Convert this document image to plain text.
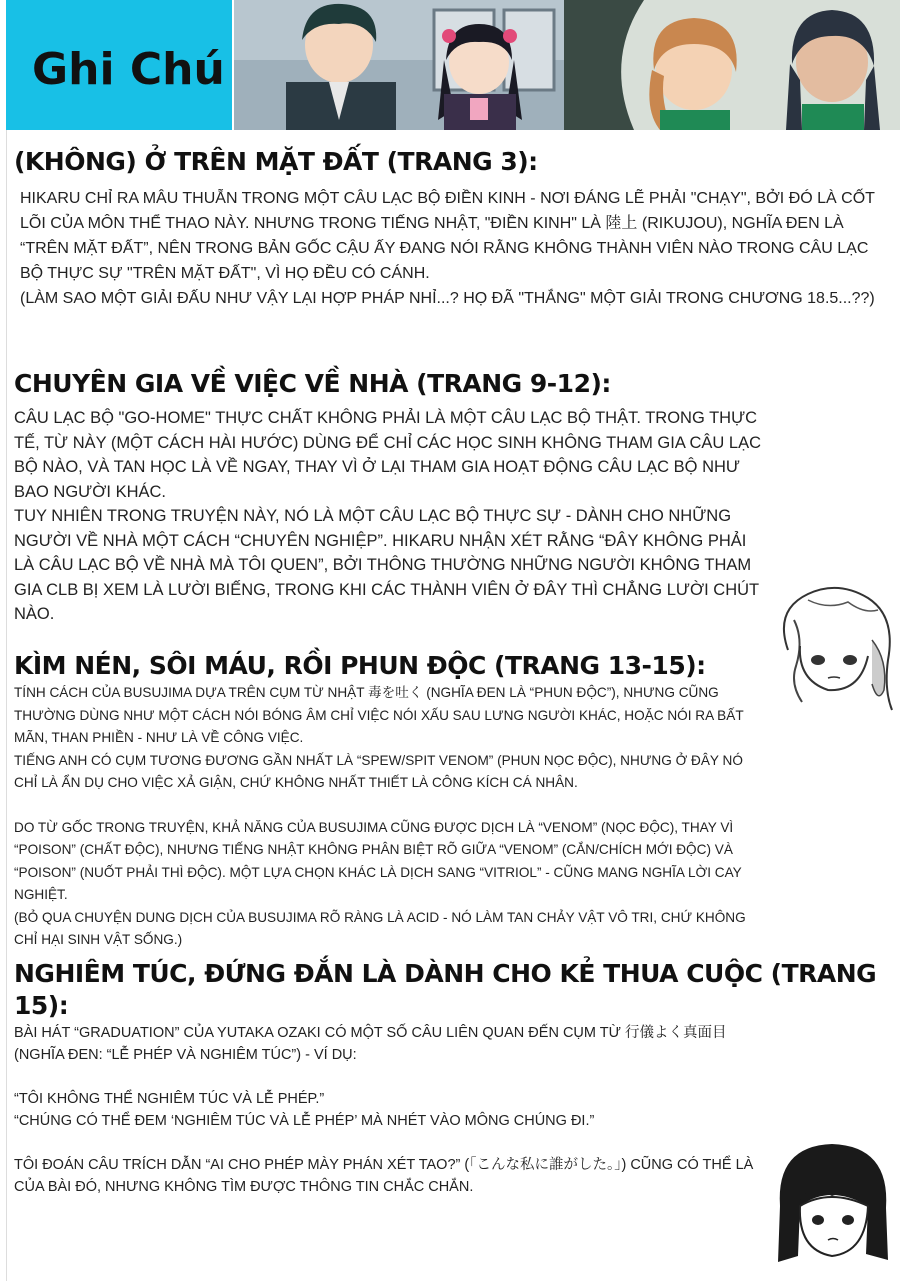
Ghi Chú
(KHÔNG) Ở TRÊN MẶT ĐẤT (TRANG 3):

HIKARU CHỈ RA MÂU THUẪN TRONG MỘT CÂU LẠC BỘ ĐIỀN KINH - NƠI ĐÁNG LẼ PHẢI "CHẠY", BỞI ĐÓ LÀ CỐT LÕI CỦA MÔN THỂ THAO NÀY. NHƯNG TRONG TIẾNG NHẬT, "ĐIỀN KINH" LÀ 陸上 (RIKUJOU), NGHĨA ĐEN LÀ “TRÊN MẶT ĐẤT”, NÊN TRONG BẢN GỐC CẬU ẤY ĐANG NÓI RẰNG KHÔNG THÀNH VIÊN NÀO TRONG CÂU LẠC BỘ THỰC SỰ "TRÊN MẶT ĐẤT", VÌ HỌ ĐỀU CÓ CÁNH.

(LÀM SAO MỘT GIẢI ĐẤU NHƯ VẬY LẠI HỢP PHÁP NHỈ...? HỌ ĐÃ "THẮNG" MỘT GIẢI TRONG CHƯƠNG 18.5...??)

CHUYÊN GIA VỀ VIỆC VỀ NHÀ (TRANG 9-12):

CÂU LẠC BỘ "GO-HOME" THỰC CHẤT KHÔNG PHẢI LÀ MỘT CÂU LẠC BỘ THẬT. TRONG THỰC TẾ, TỪ NÀY (MỘT CÁCH HÀI HƯỚC) DÙNG ĐỂ CHỈ CÁC HỌC SINH KHÔNG THAM GIA CÂU LẠC BỘ NÀO, VÀ TAN HỌC LÀ VỀ NGAY, THAY VÌ Ở LẠI THAM GIA HOẠT ĐỘNG CÂU LẠC BỘ NHƯ BAO NGƯỜI KHÁC.

TUY NHIÊN TRONG TRUYỆN NÀY, NÓ LÀ MỘT CÂU LẠC BỘ THỰC SỰ - DÀNH CHO NHỮNG NGƯỜI VỀ NHÀ MỘT CÁCH “CHUYÊN NGHIỆP”. HIKARU NHẬN XÉT RẰNG “ĐÂY KHÔNG PHẢI LÀ CÂU LẠC BỘ VỀ NHÀ MÀ TÔI QUEN”, BỞI THÔNG THƯỜNG NHỮNG NGƯỜI KHÔNG THAM GIA CLB BỊ XEM LÀ LƯỜI BIẾNG, TRONG KHI CÁC THÀNH VIÊN Ở ĐÂY THÌ CHẲNG LƯỜI CHÚT NÀO.

KÌM NÉN, SÔI MÁU, RỒI PHUN ĐỘC (TRANG 13-15):

TÍNH CÁCH CỦA BUSUJIMA DỰA TRÊN CỤM TỪ NHẬT 毒を吐く (NGHĨA ĐEN LÀ “PHUN ĐỘC”), NHƯNG CŨNG THƯỜNG DÙNG NHƯ MỘT CÁCH NÓI BÓNG ÂM CHỈ VIỆC NÓI XẤU SAU LƯNG NGƯỜI KHÁC, HOẶC NÓI RA BẤT MÃN, THAN PHIỀN - NHƯ LÀ VỀ CÔNG VIỆC.

TIẾNG ANH CÓ CỤM TƯƠNG ĐƯƠNG GẦN NHẤT LÀ “SPEW/SPIT VENOM” (PHUN NỌC ĐỘC), NHƯNG Ở ĐÂY NÓ CHỈ LÀ ẨN DỤ CHO VIỆC XẢ GIẬN, CHỨ KHÔNG NHẤT THIẾT LÀ CÔNG KÍCH CÁ NHÂN.

DO TỪ GỐC TRONG TRUYỆN, KHẢ NĂNG CỦA BUSUJIMA CŨNG ĐƯỢC DỊCH LÀ “VENOM” (NỌC ĐỘC), THAY VÌ “POISON” (CHẤT ĐỘC), NHƯNG TIẾNG NHẬT KHÔNG PHÂN BIỆT RÕ GIỮA “VENOM” (CẮN/CHÍCH MỚI ĐỘC) VÀ “POISON” (NUỐT PHẢI THÌ ĐỘC). MỘT LỰA CHỌN KHÁC LÀ DỊCH SANG “VITRIOL” - CŨNG MANG NGHĨA LỜI CAY NGHIỆT.

(BỎ QUA CHUYỆN DUNG DỊCH CỦA BUSUJIMA RÕ RÀNG LÀ ACID - NÓ LÀM TAN CHẢY VẬT VÔ TRI, CHỨ KHÔNG CHỈ HẠI SINH VẬT SỐNG.)

NGHIÊM TÚC, ĐỨNG ĐẮN LÀ DÀNH CHO KẺ THUA CUỘC (TRANG 15):

BÀI HÁT “GRADUATION” CỦA YUTAKA OZAKI CÓ MỘT SỐ CÂU LIÊN QUAN ĐẾN CỤM TỪ 行儀よく真面目 (NGHĨA ĐEN: “LỄ PHÉP VÀ NGHIÊM TÚC”) - VÍ DỤ:

“TÔI KHÔNG THỂ NGHIÊM TÚC VÀ LỄ PHÉP.”

“CHÚNG CÓ THỂ ĐEM ‘NGHIÊM TÚC VÀ LỄ PHÉP’ MÀ NHÉT VÀO MÔNG CHÚNG ĐI.”

TÔI ĐOÁN CÂU TRÍCH DẪN “AI CHO PHÉP MÀY PHÁN XÉT TAO?” (「こんな私に誰がした。」) CŨNG CÓ THỂ LÀ CỦA BÀI ĐÓ, NHƯNG KHÔNG TÌM ĐƯỢC THÔNG TIN CHẮC CHẮN.
